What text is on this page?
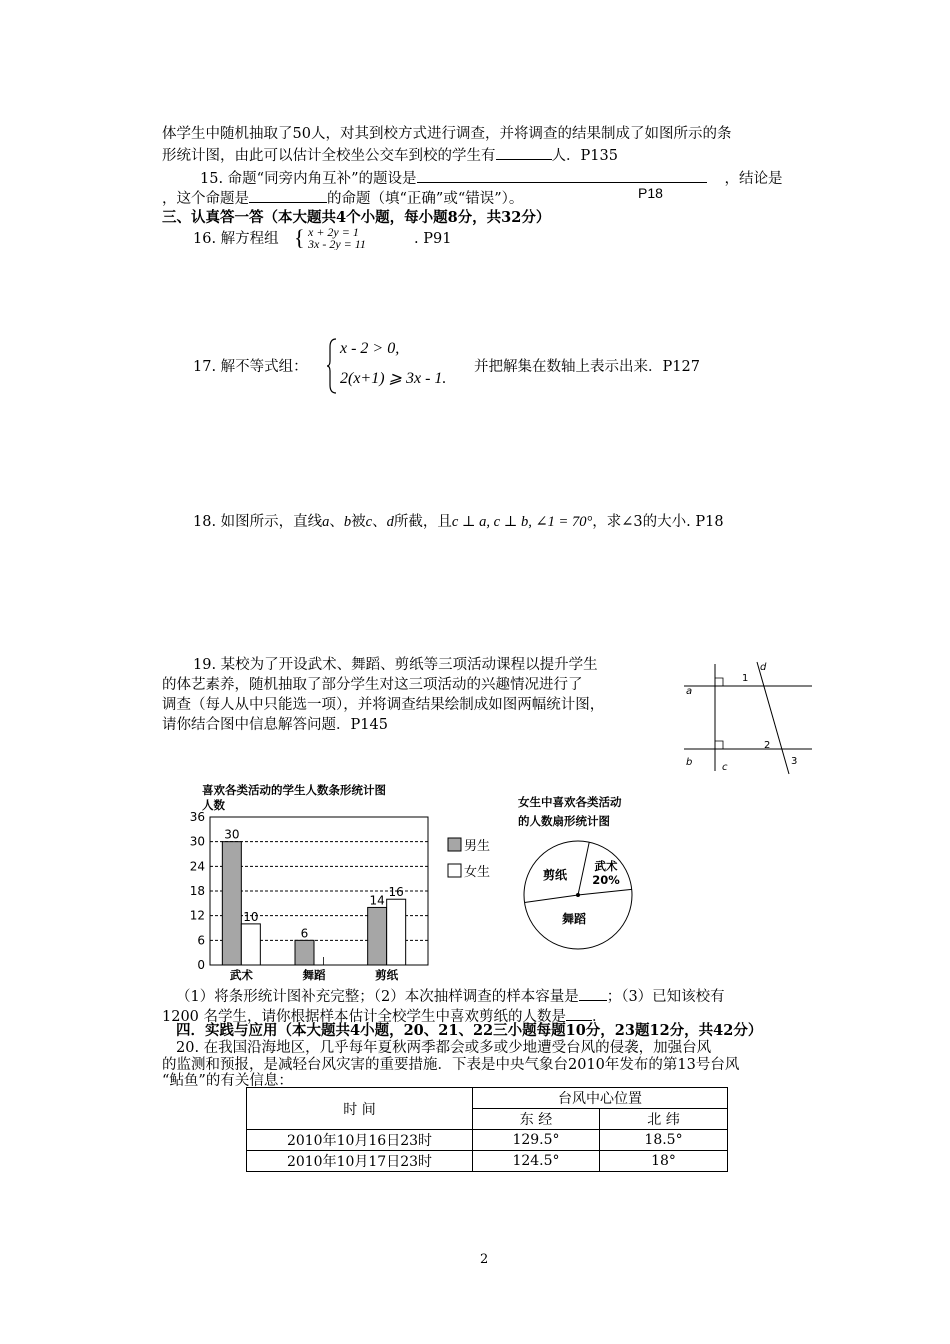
体学生中随机抽取了50人，对其到校方式进行调查，并将调查的结果制成了如图所示的条
形统计图，由此可以估计全校坐公交车到校的学生有	人．P135
15. 命题“同旁内角互补”的题设是	，结论是
，这个命题是	的命题（填“正确”或“错误”）。	P18
三、认真答一答（本大题共4个小题，每小题8分，共32分）
16. 解方程组 { x + 2y = 1
3x - 2y = 11	. P91
17. 解不等式组：
x - 2 > 0,
2(x+1) ⩾ 3x - 1.
并把解集在数轴上表示出来．P127
18. 如图所示，直线a、b被c、d所截，且c ⊥ a, c ⊥ b, ∠1 = 70°，求∠3的大小. P18
19. 某校为了开设武术、舞蹈、剪纸等三项活动课程以提升学生
的体艺素养，随机抽取了部分学生对这三项活动的兴趣情况进行了
调查（每人从中只能选一项），并将调查结果绘制成如图两幅统计图，
请你结合图中信息解答问题．P145
a
b	c
d
1
2
3
喜欢各类活动的学生人数条形统计图
人数
0
6
12
18
24
30
36
30
10
6
14
16
武术	舞蹈	剪纸
男生
女生
女生中喜欢各类活动
的人数扇形统计图
武术
20%
剪纸
舞蹈
（1）将条形统计图补充完整；（2）本次抽样调查的样本容量是 ；（3）已知该校有
1200 名学生，请你根据样本估计全校学生中喜欢剪纸的人数是 ．
四．实践与应用（本大题共4小题，20、21、22三小题每题10分，23题12分，共42分）
20. 在我国沿海地区，几乎每年夏秋两季都会或多或少地遭受台风的侵袭，加强台风
的监测和预报，是减轻台风灾害的重要措施．下表是中央气象台2010年发布的第13号台风
“鲇鱼”的有关信息：
时 间	台风中心位置	
	东 经	北 纬
2010年10月16日23时	129.5°	18.5°
2010年10月17日23时	124.5°	18°
2
